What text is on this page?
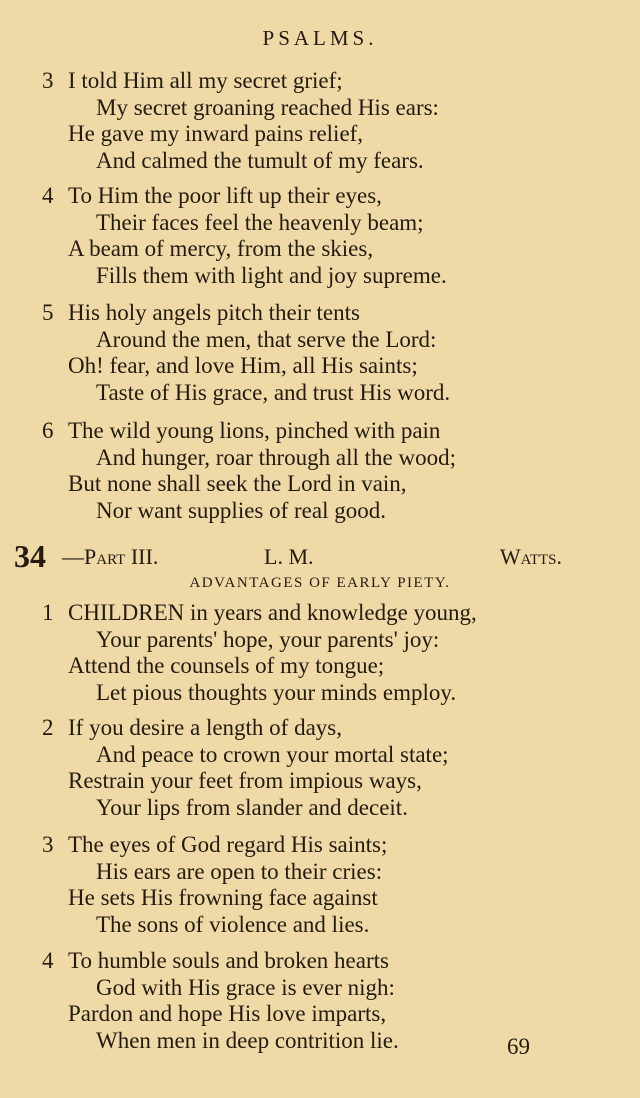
PSALMS.
3 I told Him all my secret grief;
My secret groaning reached His ears:
He gave my inward pains relief,
And calmed the tumult of my fears.
4 To Him the poor lift up their eyes,
Their faces feel the heavenly beam;
A beam of mercy, from the skies,
Fills them with light and joy supreme.
5 His holy angels pitch their tents
Around the men, that serve the Lord:
Oh! fear, and love Him, all His saints;
Taste of His grace, and trust His word.
6 The wild young lions, pinched with pain
And hunger, roar through all the wood;
But none shall seek the Lord in vain,
Nor want supplies of real good.
34 —Part III.	L. M.	Watts.
ADVANTAGES OF EARLY PIETY.
1 CHILDREN in years and knowledge young,
Your parents' hope, your parents' joy:
Attend the counsels of my tongue;
Let pious thoughts your minds employ.
2 If you desire a length of days,
And peace to crown your mortal state;
Restrain your feet from impious ways,
Your lips from slander and deceit.
3 The eyes of God regard His saints;
His ears are open to their cries:
He sets His frowning face against
The sons of violence and lies.
4 To humble souls and broken hearts
God with His grace is ever nigh:
Pardon and hope His love imparts,
When men in deep contrition lie.	69
